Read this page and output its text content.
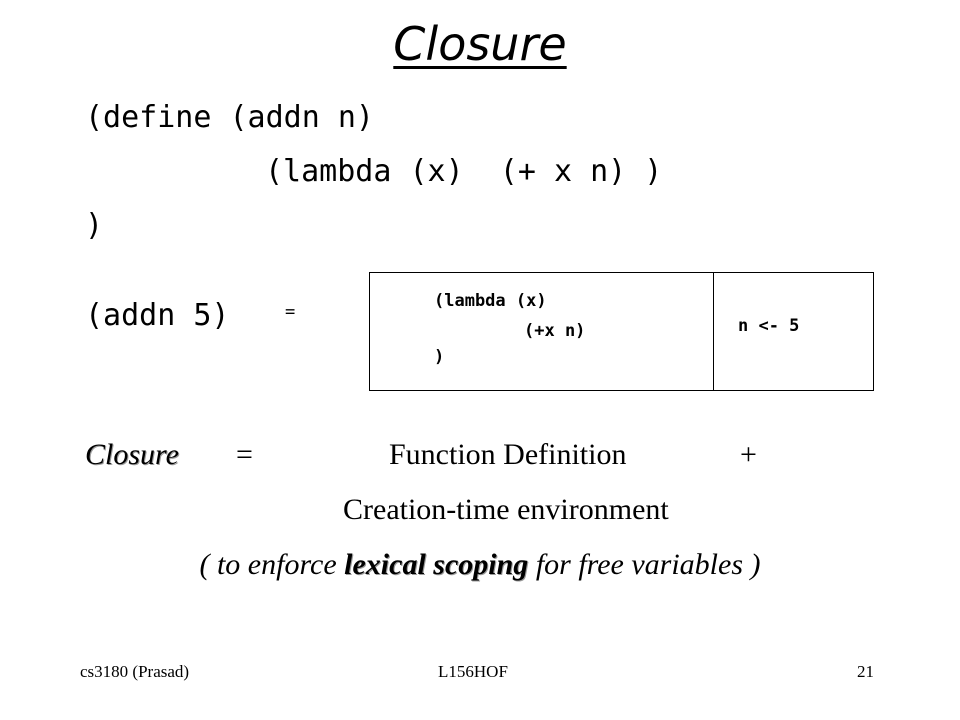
Closure
(define (addn n)
(lambda (x)  (+ x n) )
)
(addn 5)	=
(lambda (x)
(+x n)
)
n <- 5
Closure =	Function Definition	+
Creation-time environment
( to enforce lexical scoping for free variables )
cs3180 (Prasad)	L156HOF	21
